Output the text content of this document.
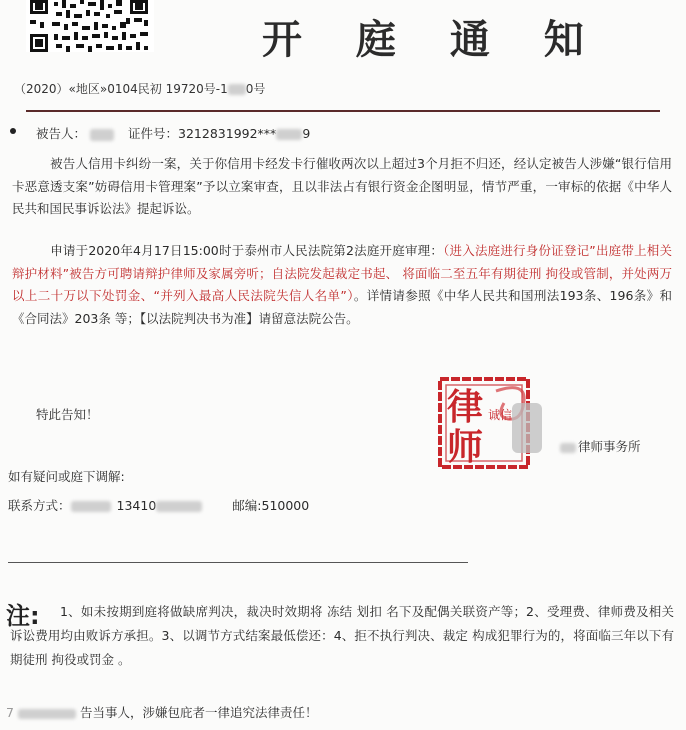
开 庭 通 知
（2020）«地区»0104民初 19720号-1 0号
被告人：	证件号：3212831992*** 9
被告人信用卡纠纷一案，关于你信用卡经发卡行催收两次以上超过3个月拒不归还，经认定被告人涉嫌“银行信用卡恶意透支案”妨碍信用卡管理案”予以立案审查，且以非法占有银行资金企图明显，情节严重，一审标的依据《中华人民共和国民事诉讼法》提起诉讼。
申请于2020年4月17日15:00时于泰州市人民法院第2法庭开庭审理：（进入法庭进行身份证登记”出庭带上相关辩护材料”被告方可聘请辩护律师及家属旁听；自法院发起裁定书起、 将面临二至五年有期徒刑 拘役或管制，并处两万以上二十万以下处罚金、“并列入最高人民法院失信人名单”）。详情请参照《中华人民共和国刑法193条、196条》和《合同法》203条 等；【以法院判决书为准】请留意法院公告。
特此告知！	律
师
诚信
律师事务所
如有疑问或庭下调解:
联系方式：	13410	邮编:510000
注:	1、如未按期到庭将做缺席判决，裁决时效期将 冻结 划扣 名下及配偶关联资产等；2、受理费、律师费及相关诉讼费用均由败诉方承担。3、以调节方式结案最低偿还：4、拒不执行判决、裁定 构成犯罪行为的，将面临三年以下有期徒刑 拘役或罚金 。
7	告当事人，涉嫌包庇者一律追究法律责任！
